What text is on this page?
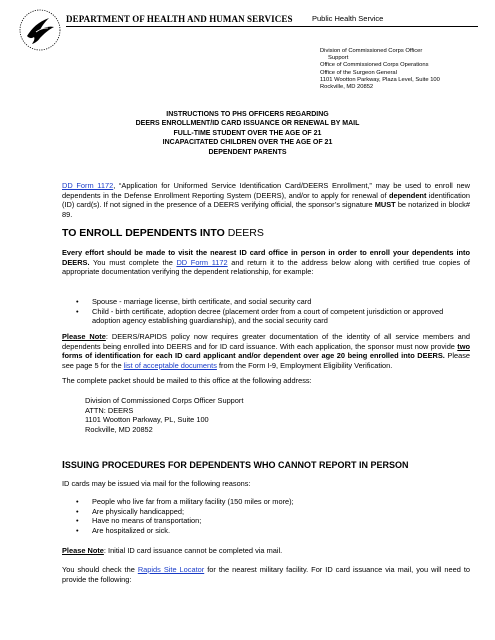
DEPARTMENT OF HEALTH AND HUMAN SERVICES	Public Health Service
Division of Commissioned Corps Officer
Support
Office of Commissioned Corps Operations
Office of the Surgeon General
1101 Wootton Parkway, Plaza Level, Suite 100
Rockville, MD 20852
INSTRUCTIONS TO PHS OFFICERS REGARDING
DEERS ENROLLMENT/ID CARD ISSUANCE OR RENEWAL BY MAIL
FULL-TIME STUDENT OVER THE AGE OF 21
INCAPACITATED CHILDREN OVER THE AGE OF 21
DEPENDENT PARENTS
DD Form 1172, “Application for Uniformed Service Identification Card/DEERS Enrollment,” may be used to enroll new dependents in the Defense Enrollment Reporting System (DEERS), and/or to apply for renewal of dependent identification (ID) card(s). If not signed in the presence of a DEERS verifying official, the sponsor’s signature MUST be notarized in block# 89.
TO ENROLL DEPENDENTS INTO DEERS
Every effort should be made to visit the nearest ID card office in person in order to enroll your dependents into DEERS. You must complete the DD Form 1172 and return it to the address below along with certified true copies of appropriate documentation verifying the dependent relationship, for example:
• Spouse - marriage license, birth certificate, and social security card
• Child - birth certificate, adoption decree (placement order from a court of competent jurisdiction or approved adoption agency establishing guardianship), and the social security card
Please Note: DEERS/RAPIDS policy now requires greater documentation of the identity of all service members and dependents being enrolled into DEERS and for ID card issuance. With each application, the sponsor must now provide two forms of identification for each ID card applicant and/or dependent over age 20 being enrolled into DEERS. Please see page 5 for the list of acceptable documents from the Form I-9, Employment Eligibility Verification.
The complete packet should be mailed to this office at the following address:
Division of Commissioned Corps Officer Support
ATTN: DEERS
1101 Wootton Parkway, PL, Suite 100
Rockville, MD 20852
ISSUING PROCEDURES FOR DEPENDENTS WHO CANNOT REPORT IN PERSON
ID cards may be issued via mail for the following reasons:
• People who live far from a military facility (150 miles or more);
• Are physically handicapped;
• Have no means of transportation;
• Are hospitalized or sick.
Please Note: Initial ID card issuance cannot be completed via mail.
You should check the Rapids Site Locator for the nearest military facility. For ID card issuance via mail, you will need to provide the following:
